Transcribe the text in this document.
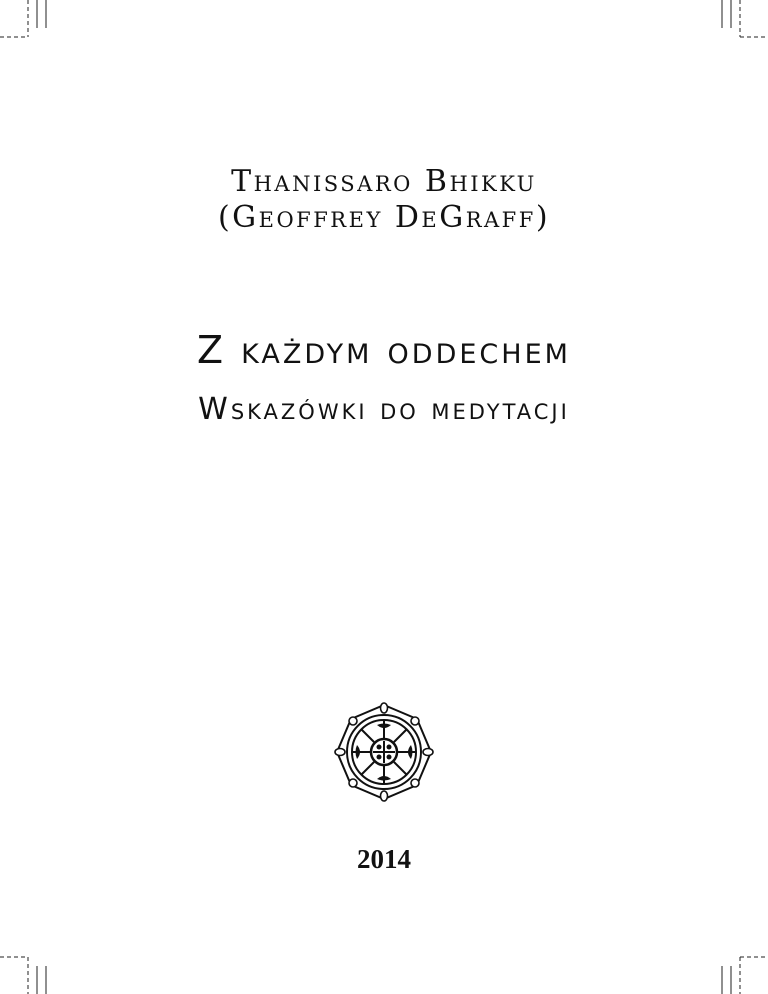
Thanissaro Bhikku
(Geoffrey DeGraff)
Z każdym oddechem
Wskazówki do medytacji
2014
